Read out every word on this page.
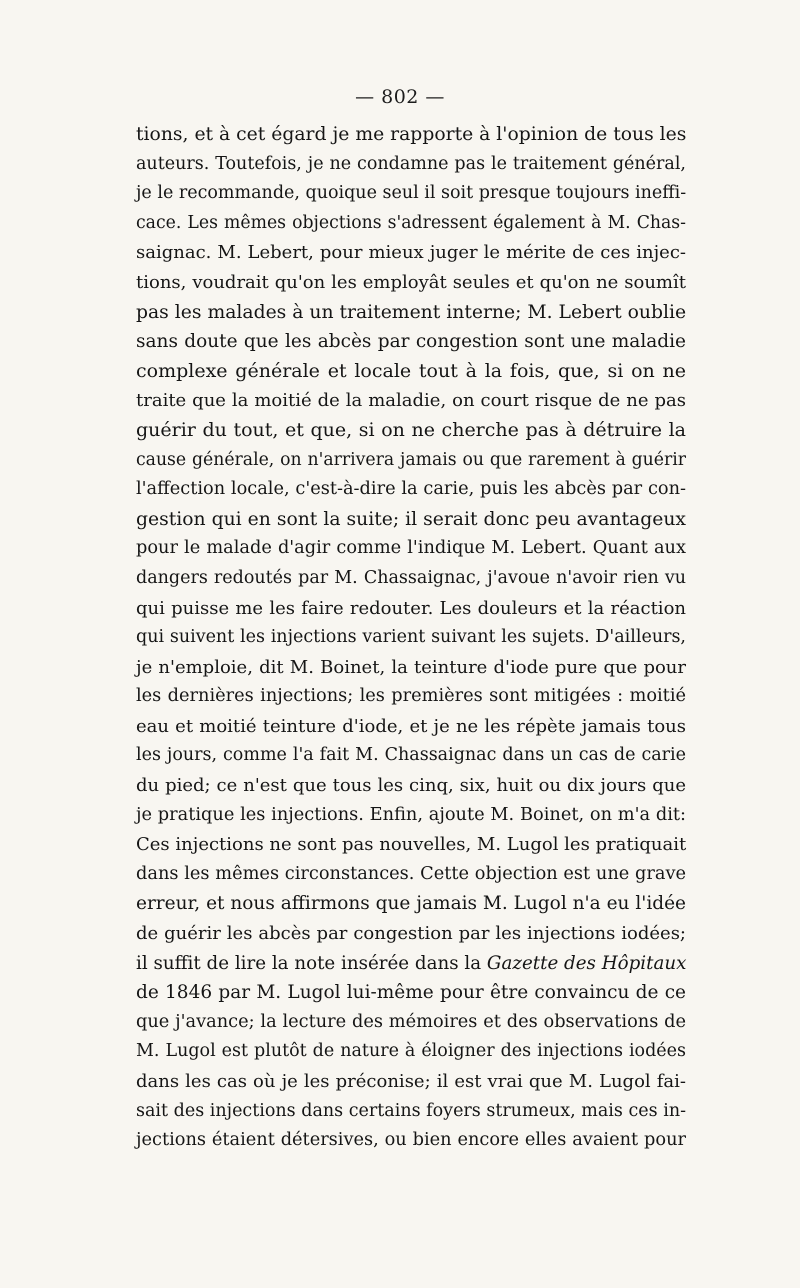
— 802 —
tions, et à cet égard je me rapporte à l'opinion de tous les
auteurs. Toutefois, je ne condamne pas le traitement général,
je le recommande, quoique seul il soit presque toujours ineffi-
cace. Les mêmes objections s'adressent également à M. Chas-
saignac. M. Lebert, pour mieux juger le mérite de ces injec-
tions, voudrait qu'on les employât seules et qu'on ne soumît
pas les malades à un traitement interne; M. Lebert oublie
sans doute que les abcès par congestion sont une maladie
complexe générale et locale tout à la fois, que, si on ne
traite que la moitié de la maladie, on court risque de ne pas
guérir du tout, et que, si on ne cherche pas à détruire la
cause générale, on n'arrivera jamais ou que rarement à guérir
l'affection locale, c'est-à-dire la carie, puis les abcès par con-
gestion qui en sont la suite; il serait donc peu avantageux
pour le malade d'agir comme l'indique M. Lebert. Quant aux
dangers redoutés par M. Chassaignac, j'avoue n'avoir rien vu
qui puisse me les faire redouter. Les douleurs et la réaction
qui suivent les injections varient suivant les sujets. D'ailleurs,
je n'emploie, dit M. Boinet, la teinture d'iode pure que pour
les dernières injections; les premières sont mitigées : moitié
eau et moitié teinture d'iode, et je ne les répète jamais tous
les jours, comme l'a fait M. Chassaignac dans un cas de carie
du pied; ce n'est que tous les cinq, six, huit ou dix jours que
je pratique les injections. Enfin, ajoute M. Boinet, on m'a dit:
Ces injections ne sont pas nouvelles, M. Lugol les pratiquait
dans les mêmes circonstances. Cette objection est une grave
erreur, et nous affirmons que jamais M. Lugol n'a eu l'idée
de guérir les abcès par congestion par les injections iodées;
il suffit de lire la note insérée dans la Gazette des Hôpitaux
de 1846 par M. Lugol lui-même pour être convaincu de ce
que j'avance; la lecture des mémoires et des observations de
M. Lugol est plutôt de nature à éloigner des injections iodées
dans les cas où je les préconise; il est vrai que M. Lugol fai-
sait des injections dans certains foyers strumeux, mais ces in-
jections étaient détersives, ou bien encore elles avaient pour
